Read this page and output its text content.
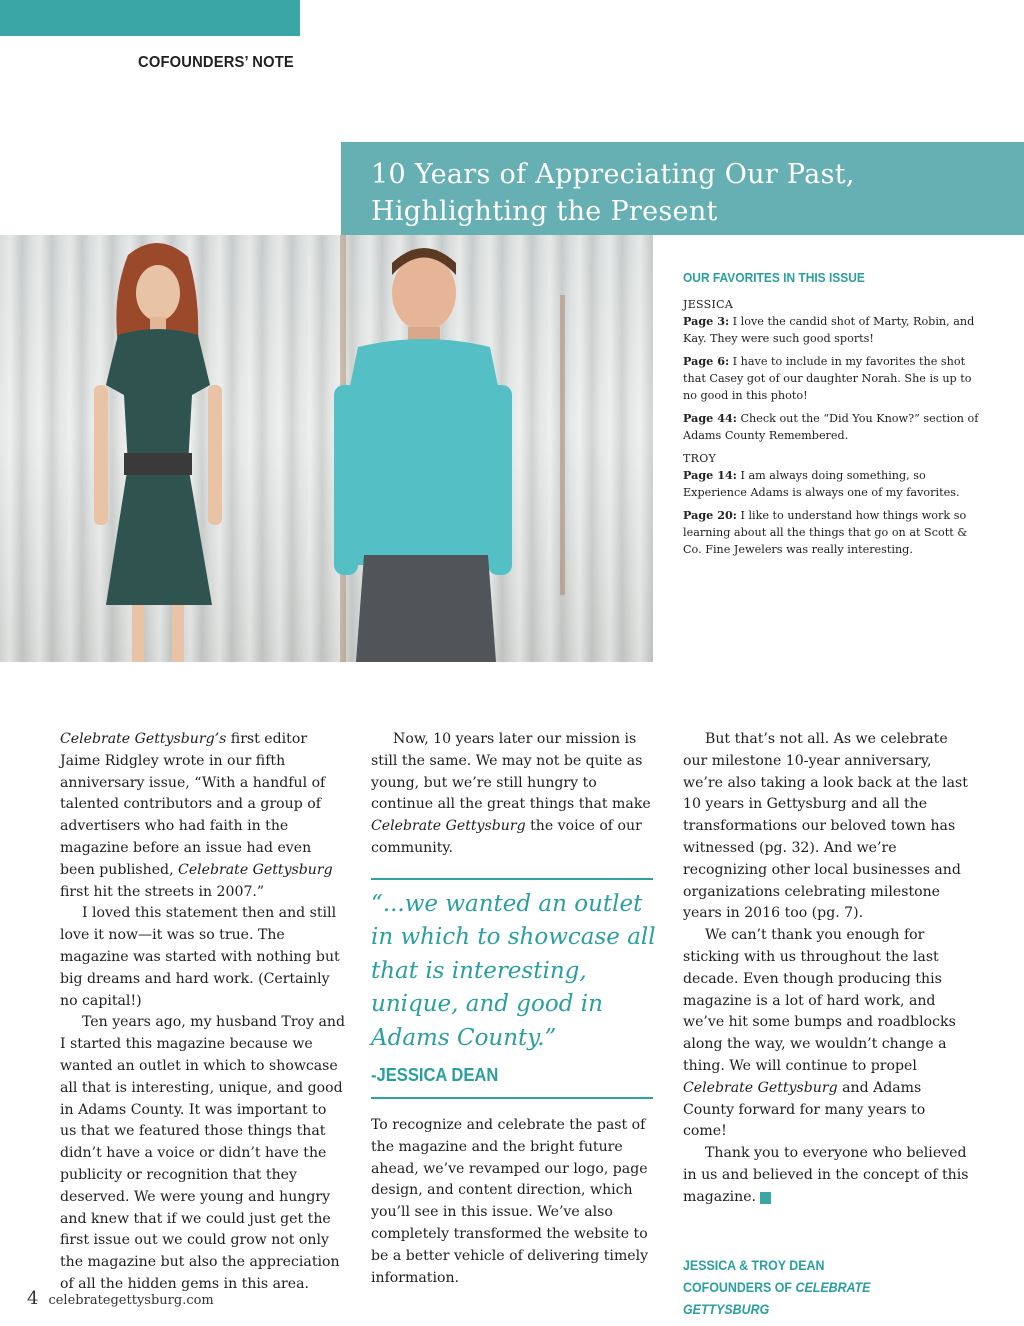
COFOUNDERS’ NOTE
10 Years of Appreciating Our Past,
Highlighting the Present
OUR FAVORITES IN THIS ISSUE
JESSICA

Page 3: I love the candid shot of Marty, Robin, and Kay. They were such good sports!

Page 6: I have to include in my favorites the shot that Casey got of our daughter Norah. She is up to no good in this photo!

Page 44: Check out the “Did You Know?” section of Adams County Remembered.

TROY

Page 14: I am always doing something, so Experience Adams is always one of my favorites.

Page 20: I like to understand how things work so learning about all the things that go on at Scott & Co. Fine Jewelers was really interesting.

Celebrate Gettysburg’s first editor Jaime Ridgley wrote in our fifth anniversary issue, “With a handful of talented contributors and a group of advertisers who had faith in the magazine before an issue had even been published, Celebrate Gettysburg first hit the streets in 2007.”

I loved this statement then and still love it now—it was so true. The magazine was started with nothing but big dreams and hard work. (Certainly no capital!)

Ten years ago, my husband Troy and I started this magazine because we wanted an outlet in which to showcase all that is interesting, unique, and good in Adams County. It was important to us that we featured those things that didn’t have a voice or didn’t have the publicity or recognition that they deserved. We were young and hungry and knew that if we could just get the first issue out we could grow not only the magazine but also the appreciation of all the hidden gems in this area.

Now, 10 years later our mission is still the same. We may not be quite as young, but we’re still hungry to continue all the great things that make Celebrate Gettysburg the voice of our community.

“...we wanted an outlet in which to showcase all that is interesting, unique, and good in Adams County.”
-JESSICA DEAN

To recognize and celebrate the past of the magazine and the bright future ahead, we’ve revamped our logo, page design, and content direction, which you’ll see in this issue. We’ve also completely transformed the website to be a better vehicle of delivering timely information.

But that’s not all. As we celebrate our milestone 10-year anniversary, we’re also taking a look back at the last 10 years in Gettysburg and all the transformations our beloved town has witnessed (pg. 32). And we’re recognizing other local businesses and organizations celebrating milestone years in 2016 too (pg. 7).

We can’t thank you enough for sticking with us throughout the last decade. Even though producing this magazine is a lot of hard work, and we’ve hit some bumps and roadblocks along the way, we wouldn’t change a thing. We will continue to propel Celebrate Gettysburg and Adams County forward for many years to come!

Thank you to everyone who believed in us and believed in the concept of this magazine.	G

JESSICA & TROY DEAN
COFOUNDERS OF CELEBRATE GETTYSBURG
4 celebrategettysburg.com
